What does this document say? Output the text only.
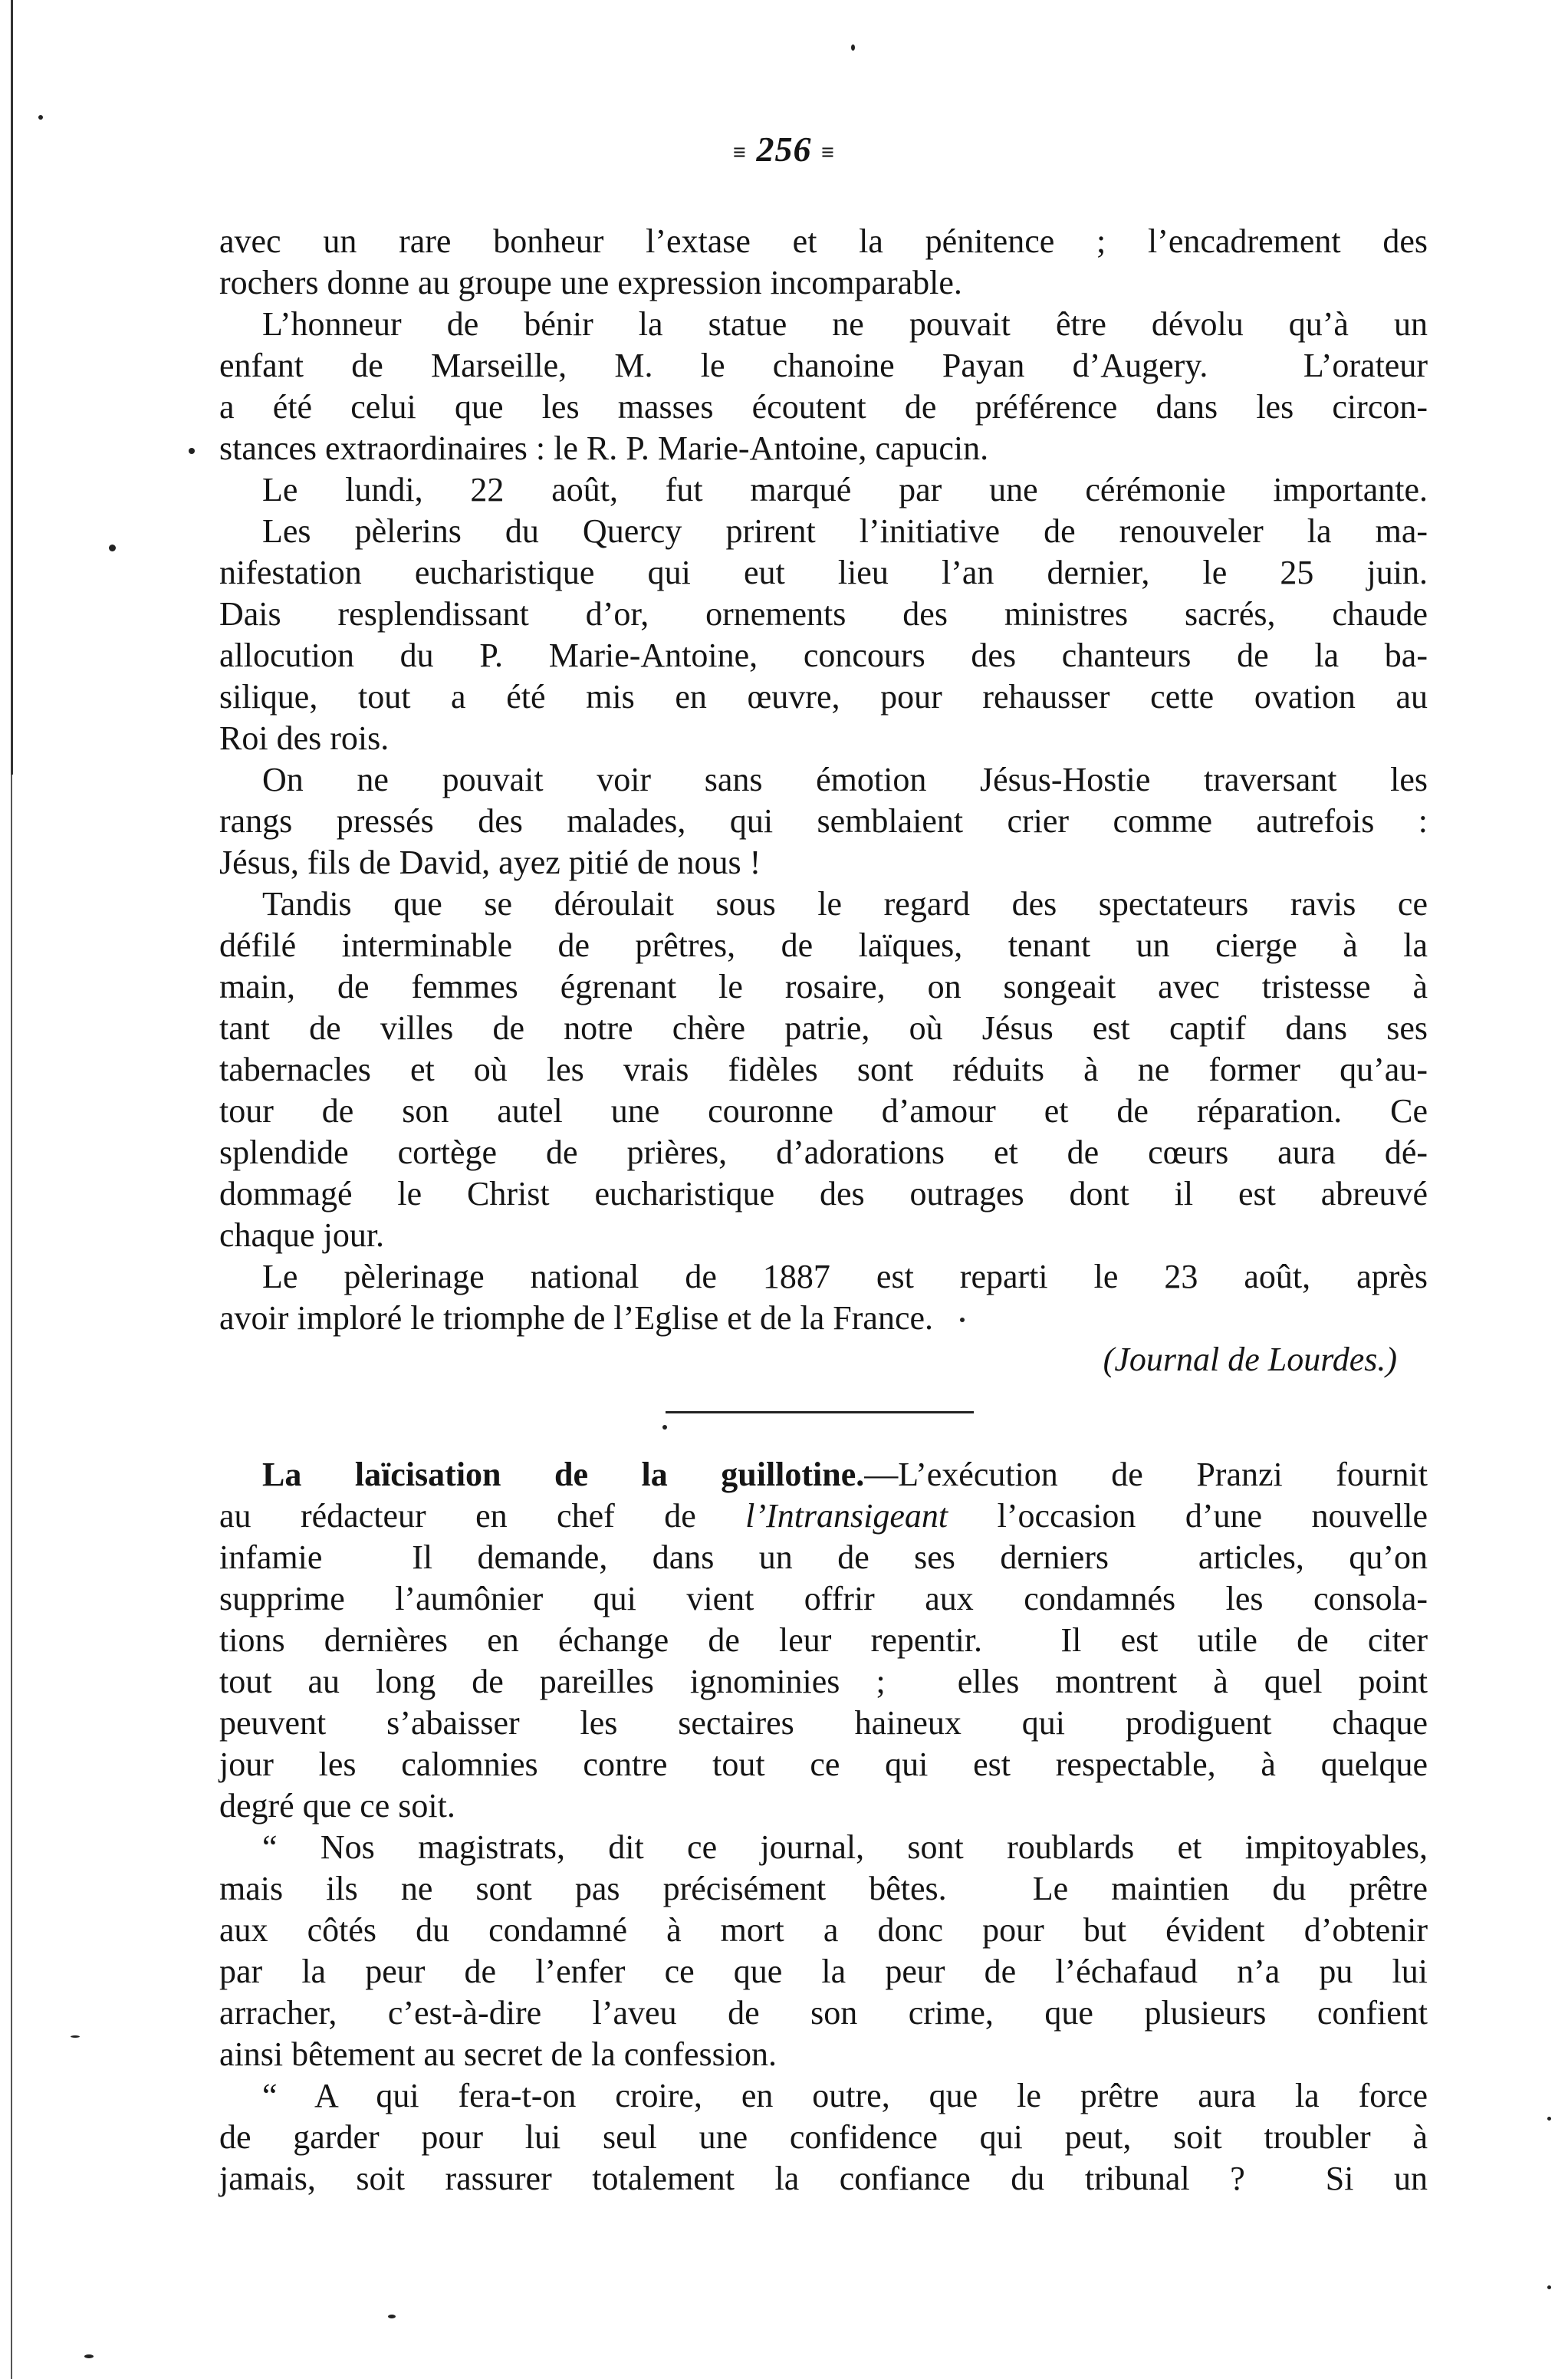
≡ 256 ≡
avec un rare bonheur l’extase et la pénitence ; l’encadrement des
rochers donne au groupe une expression incomparable.
L’honneur de bénir la statue ne pouvait être dévolu qu’à un
enfant de Marseille, M. le chanoine Payan d’Augery.  L’orateur
a été celui que les masses écoutent de préférence dans les circon-
stances extraordinaires : le R. P. Marie-Antoine, capucin.
Le lundi, 22 août, fut marqué par une cérémonie importante.
Les pèlerins du Quercy prirent l’initiative de renouveler la ma-
nifestation eucharistique qui eut lieu l’an dernier, le 25 juin.
Dais resplendissant d’or, ornements des ministres sacrés, chaude
allocution du P. Marie-Antoine, concours des chanteurs de la ba-
silique, tout a été mis en œuvre, pour rehausser cette ovation au
Roi des rois.
On ne pouvait voir sans émotion Jésus-Hostie traversant les
rangs pressés des malades, qui semblaient crier comme autrefois :
Jésus, fils de David, ayez pitié de nous !
Tandis que se déroulait sous le regard des spectateurs ravis ce
défilé interminable de prêtres, de laïques, tenant un cierge à la
main, de femmes égrenant le rosaire, on songeait avec tristesse à
tant de villes de notre chère patrie, où Jésus est captif dans ses
tabernacles et où les vrais fidèles sont réduits à ne former qu’au-
tour de son autel une couronne d’amour et de réparation. Ce
splendide cortège de prières, d’adorations et de cœurs aura dé-
dommagé le Christ eucharistique des outrages dont il est abreuvé
chaque jour.
Le pèlerinage national de 1887 est reparti le 23 août, après
avoir imploré le triomphe de l’Eglise et de la France.
(Journal de Lourdes.)
La laïcisation de la guillotine.—L’exécution de Pranzi fournit
au rédacteur en chef de l’Intransigeant l’occasion d’une nouvelle
infamie  Il demande, dans un de ses derniers  articles, qu’on
supprime l’aumônier qui vient offrir aux condamnés les consola-
tions dernières en échange de leur repentir.  Il est utile de citer
tout au long de pareilles ignominies ;  elles montrent à quel point
peuvent s’abaisser les sectaires haineux qui prodiguent chaque
jour les calomnies contre tout ce qui est respectable, à quelque
degré que ce soit.
“ Nos magistrats, dit ce journal, sont roublards et impitoyables,
mais ils ne sont pas précisément bêtes.  Le maintien du prêtre
aux côtés du condamné à mort a donc pour but évident d’obtenir
par la peur de l’enfer ce que la peur de l’échafaud n’a pu lui
arracher, c’est-à-dire l’aveu de son crime, que plusieurs confient
ainsi bêtement au secret de la confession.
“ A qui fera-t-on croire, en outre, que le prêtre aura la force
de garder pour lui seul une confidence qui peut, soit troubler à
jamais, soit rassurer totalement la confiance du tribunal ?  Si un
